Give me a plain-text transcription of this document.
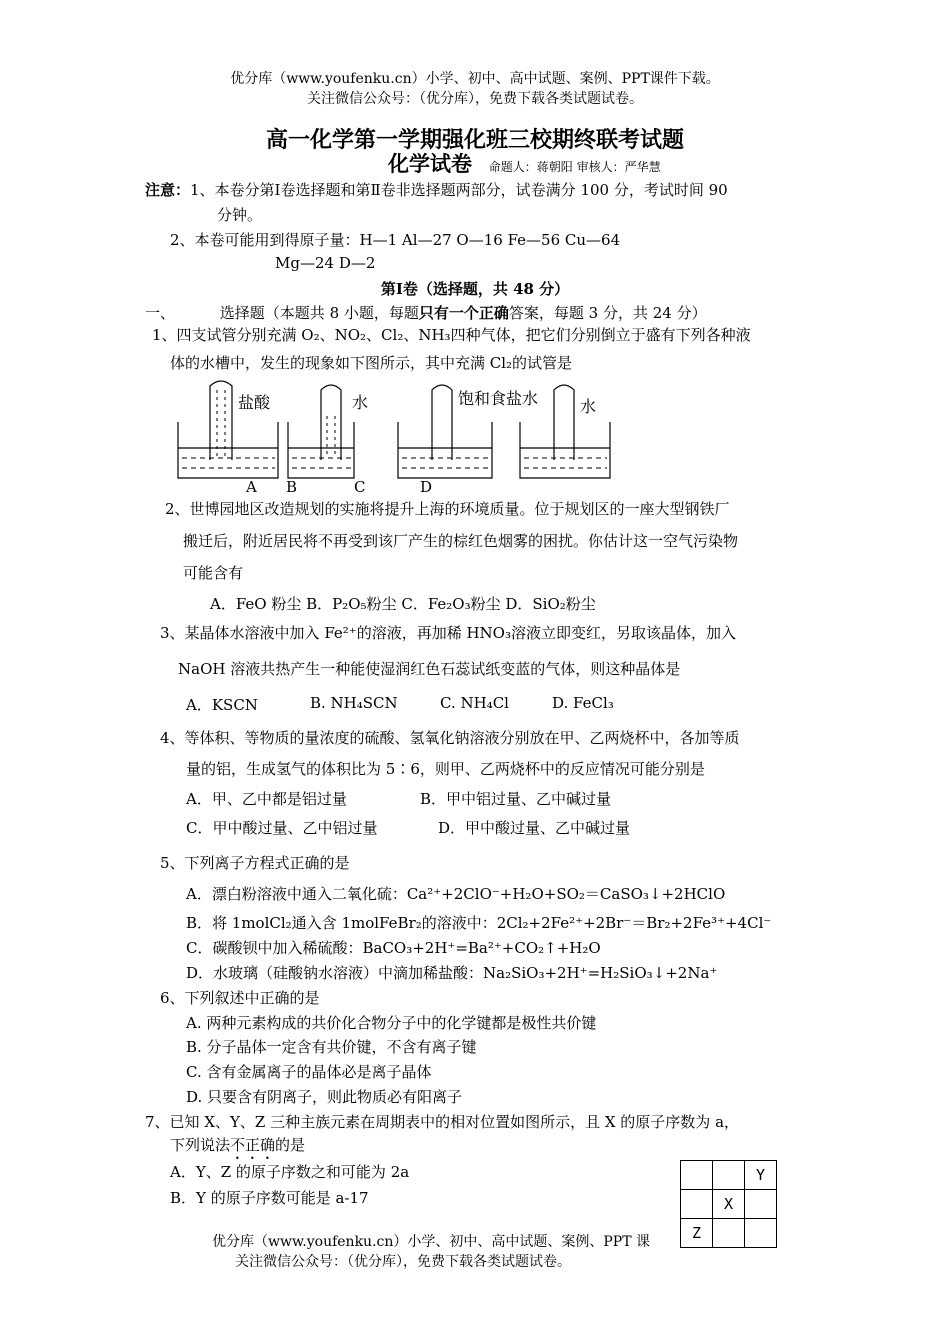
优分库（www.youfenku.cn）小学、初中、高中试题、案例、PPT课件下载。
关注微信公众号：（优分库），免费下载各类试题试卷。
高一化学第一学期强化班三校期终联考试题
化学试卷 命题人：蒋朝阳 审核人：严华慧
注意：1、本卷分第Ⅰ卷选择题和第Ⅱ卷非选择题两部分，试卷满分 100 分，考试时间 90
分钟。
2、本卷可能用到得原子量：H—1 Al—27 O—16 Fe—56 Cu—64
Mg—24 D—2
第Ⅰ卷（选择题，共 48 分）
一、	选择题（本题共 8 小题，每题只有一个正确答案，每题 3 分，共 24 分）
1、四支试管分别充满 O₂、NO₂、Cl₂、NH₃四种气体，把它们分别倒立于盛有下列各种液
体的水槽中，发生的现象如下图所示，其中充满 Cl₂的试管是
盐酸	水	饱和食盐水	水
A B	C	D
2、世博园地区改造规划的实施将提升上海的环境质量。位于规划区的一座大型钢铁厂
搬迁后，附近居民将不再受到该厂产生的棕红色烟雾的困扰。你估计这一空气污染物
可能含有
A．FeO 粉尘 B．P₂O₅粉尘 C．Fe₂O₃粉尘 D．SiO₂粉尘
3、某晶体水溶液中加入 Fe²⁺的溶液，再加稀 HNO₃溶液立即变红，另取该晶体，加入
NaOH 溶液共热产生一种能使湿润红色石蕊试纸变蓝的气体，则这种晶体是
A．KSCN	B. NH₄SCN	C. NH₄Cl	D. FeCl₃
4、等体积、等物质的量浓度的硫酸、氢氧化钠溶液分别放在甲、乙两烧杯中，各加等质
量的铝，生成氢气的体积比为 5∶6，则甲、乙两烧杯中的反应情况可能分别是
A．甲、乙中都是铝过量	B．甲中铝过量、乙中碱过量
C．甲中酸过量、乙中铝过量	D．甲中酸过量、乙中碱过量
5、下列离子方程式正确的是
A．漂白粉溶液中通入二氧化硫：Ca²⁺+2ClO⁻+H₂O+SO₂＝CaSO₃↓+2HClO
B．将 1molCl₂通入含 1molFeBr₂的溶液中：2Cl₂+2Fe²⁺+2Br⁻＝Br₂+2Fe³⁺+4Cl⁻
C．碳酸钡中加入稀硫酸：BaCO₃+2H⁺=Ba²⁺+CO₂↑+H₂O
D．水玻璃（硅酸钠水溶液）中滴加稀盐酸：Na₂SiO₃+2H⁺=H₂SiO₃↓+2Na⁺
6、下列叙述中正确的是
A. 两种元素构成的共价化合物分子中的化学键都是极性共价键
B. 分子晶体一定含有共价键，不含有离子键
C. 含有金属离子的晶体必是离子晶体
D. 只要含有阴离子，则此物质必有阳离子
7、已知 X、Y、Z 三种主族元素在周期表中的相对位置如图所示，且 X 的原子序数为 a，
下列说法不正确的是
A．Y、Z 的原子序数之和可能为 2a
B．Y 的原子序数可能是 a-17
		Y
	X	
Z		
优分库（www.youfenku.cn）小学、初中、高中试题、案例、PPT 课
关注微信公众号：（优分库），免费下载各类试题试卷。
